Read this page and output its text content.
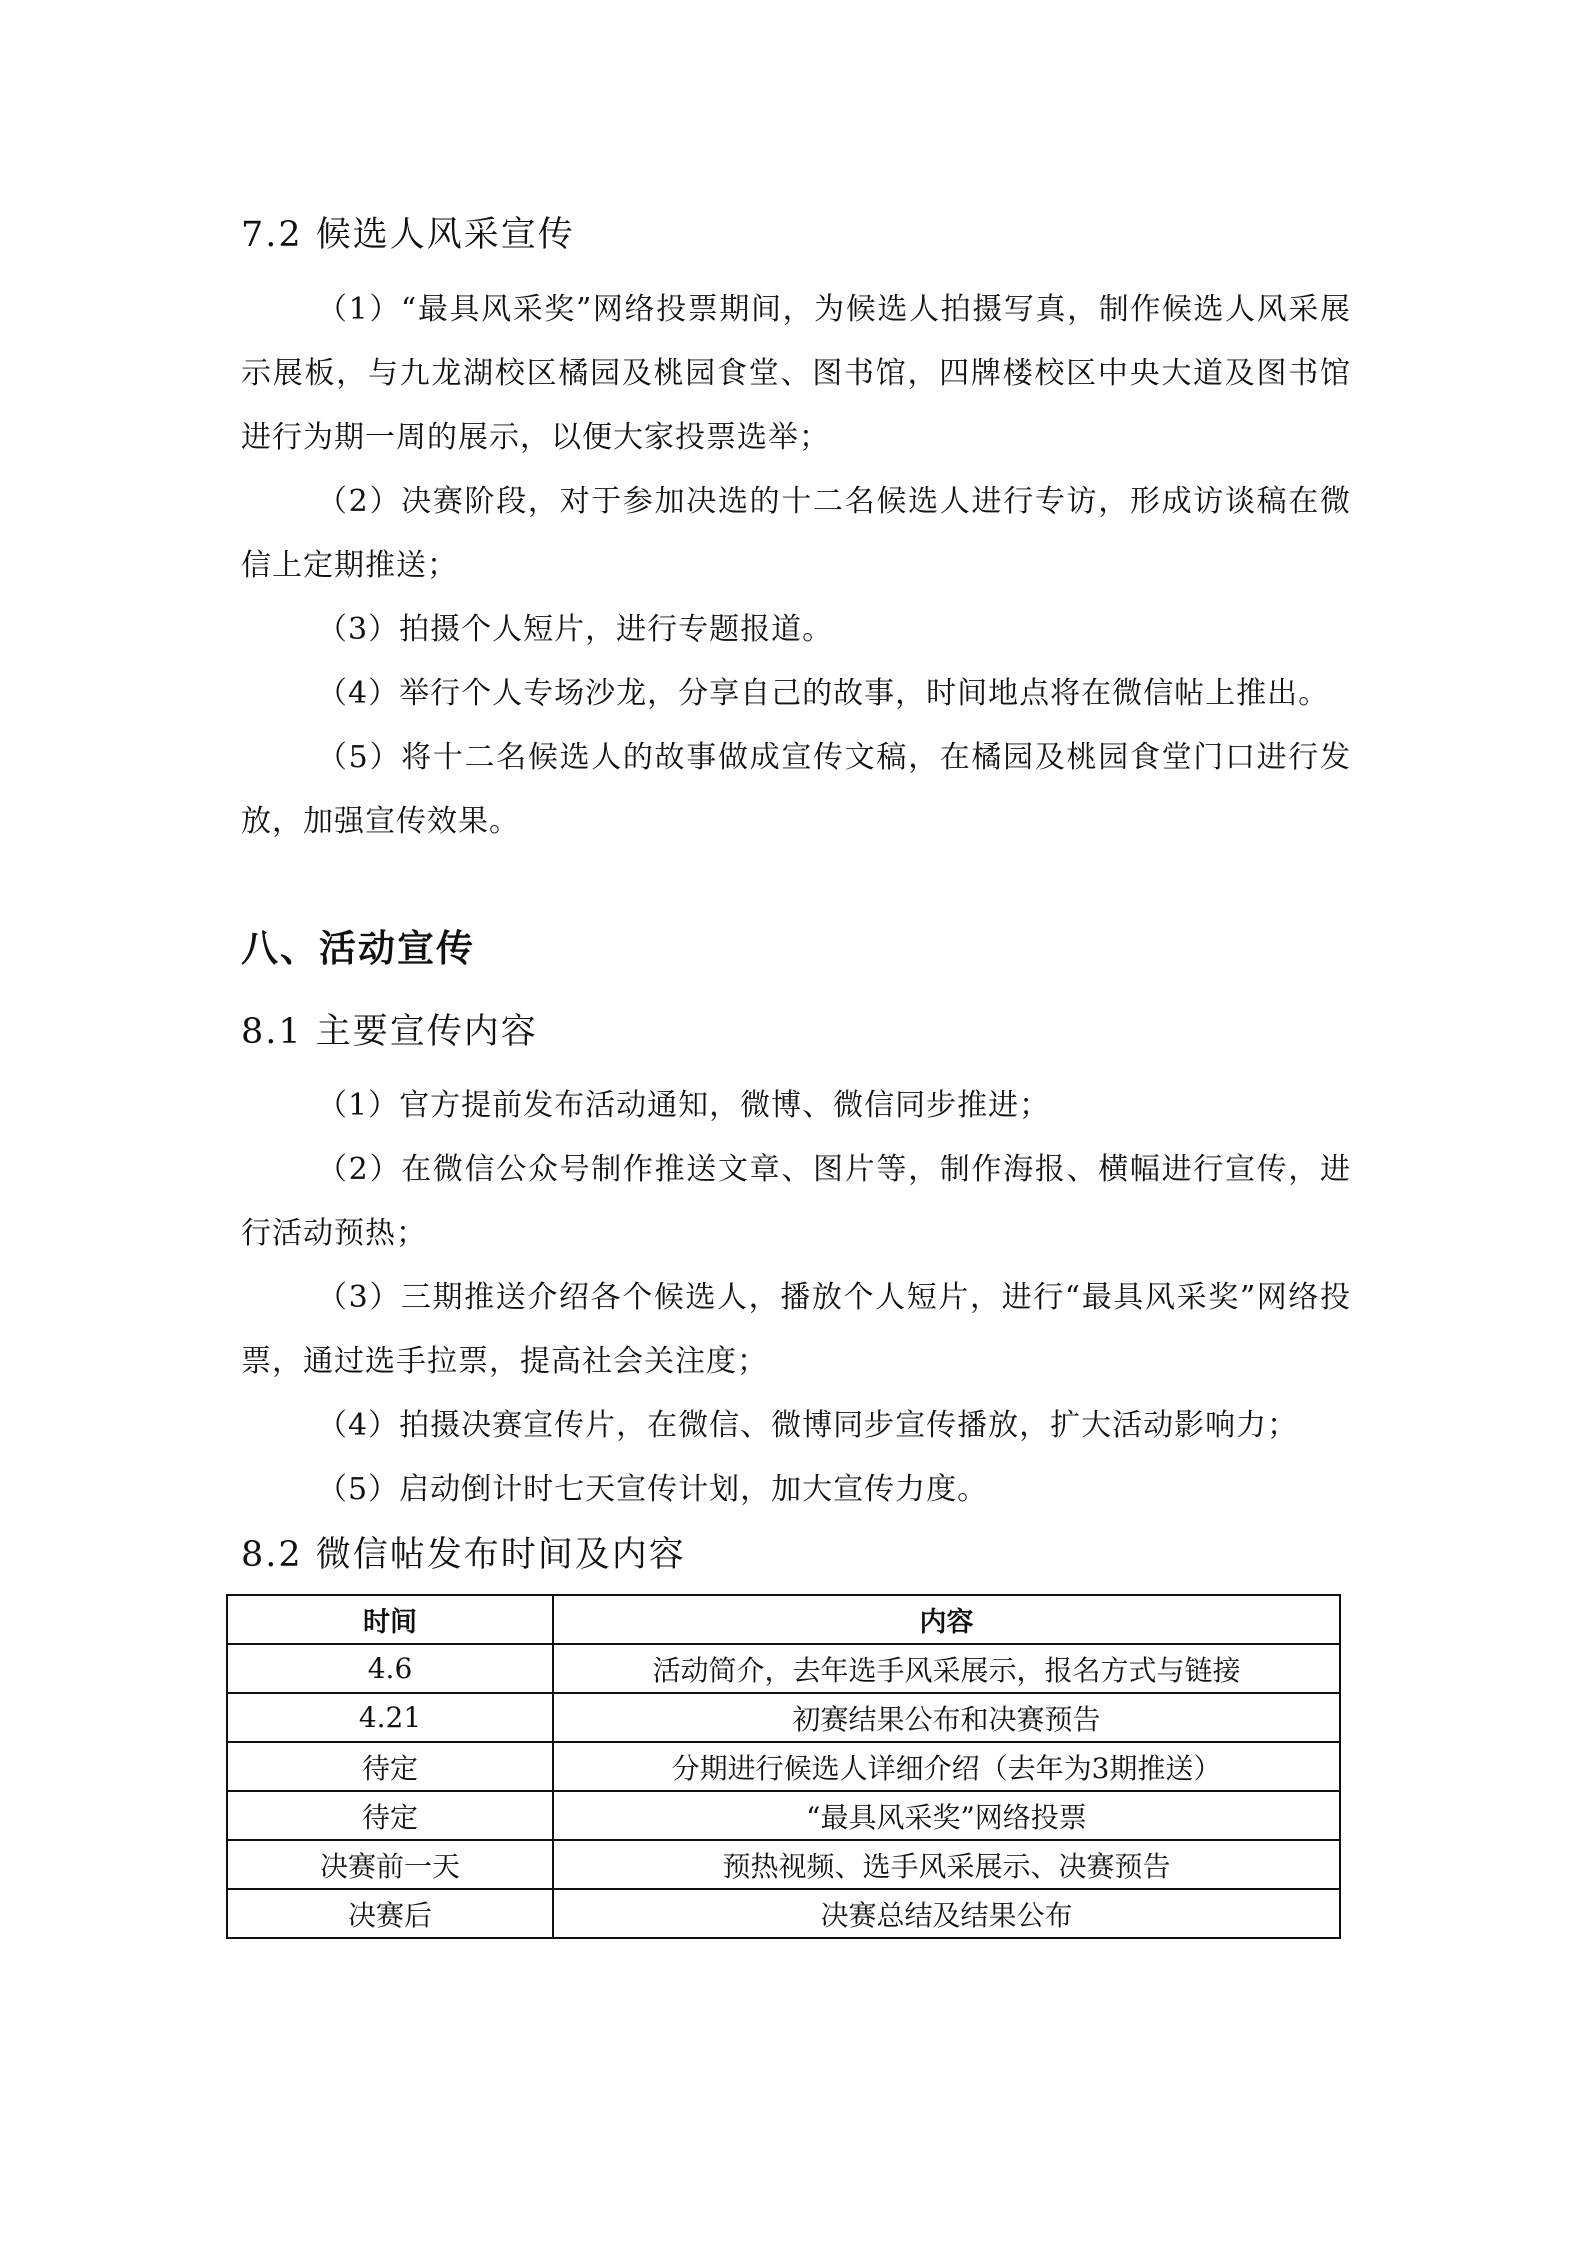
7.2 候选人风采宣传

（1）“最具风采奖”网络投票期间，为候选人拍摄写真，制作候选人风采展示展板，与九龙湖校区橘园及桃园食堂、图书馆，四牌楼校区中央大道及图书馆进行为期一周的展示，以便大家投票选举；

（2）决赛阶段，对于参加决选的十二名候选人进行专访，形成访谈稿在微信上定期推送；

（3）拍摄个人短片，进行专题报道。

（4）举行个人专场沙龙，分享自己的故事，时间地点将在微信帖上推出。

（5）将十二名候选人的故事做成宣传文稿，在橘园及桃园食堂门口进行发放，加强宣传效果。

八、活动宣传
8.1 主要宣传内容

（1）官方提前发布活动通知，微博、微信同步推进；

（2）在微信公众号制作推送文章、图片等，制作海报、横幅进行宣传，进行活动预热；

（3）三期推送介绍各个候选人，播放个人短片，进行“最具风采奖”网络投票，通过选手拉票，提高社会关注度；

（4）拍摄决赛宣传片，在微信、微博同步宣传播放，扩大活动影响力；

（5）启动倒计时七天宣传计划，加大宣传力度。

8.2 微信帖发布时间及内容
时间	内容
4.6	活动简介，去年选手风采展示，报名方式与链接
4.21	初赛结果公布和决赛预告
待定	分期进行候选人详细介绍（去年为3期推送）
待定	“最具风采奖”网络投票
决赛前一天	预热视频、选手风采展示、决赛预告
决赛后	决赛总结及结果公布
